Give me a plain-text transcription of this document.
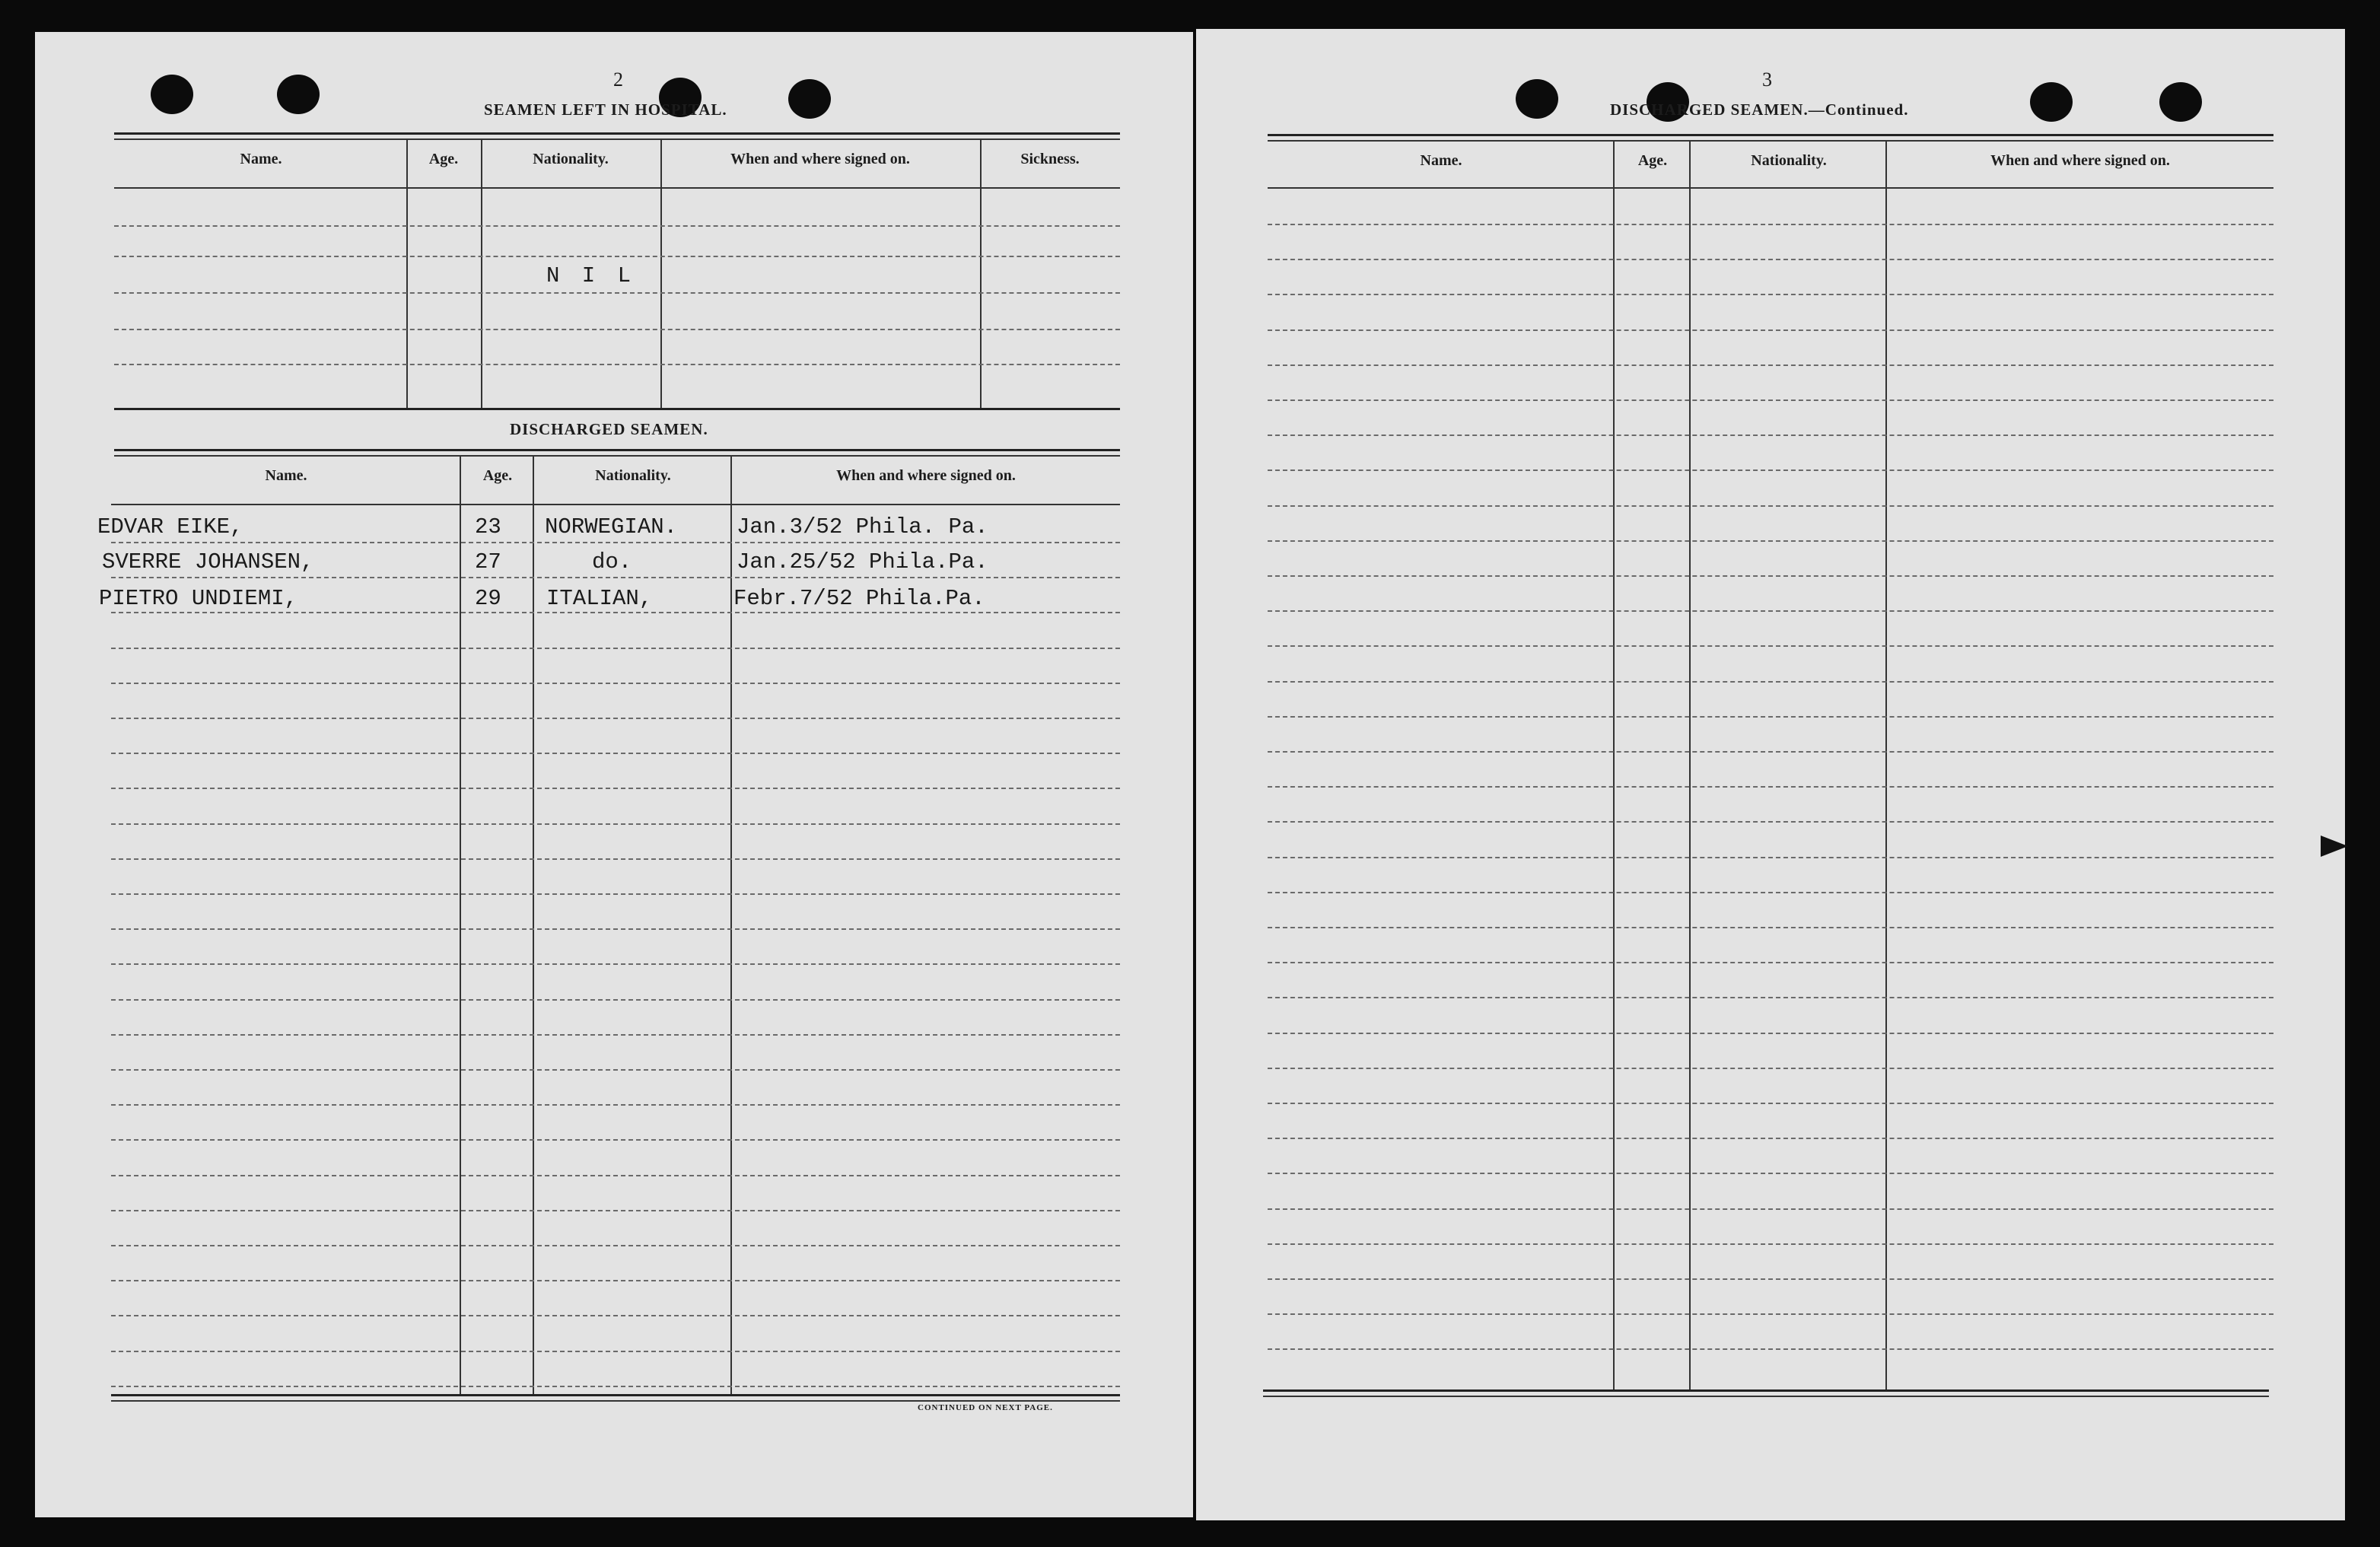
2
SEAMEN LEFT IN HOSPITAL.
Name.	Age.	Nationality.	When and where signed on.	Sickness.
N I L
DISCHARGED SEAMEN.
Name.	Age.	Nationality.	When and where signed on.
EDVAR EIKE,	23 NORWEGIAN.	Jan.3/52 Phila. Pa.
SVERRE JOHANSEN,	27	do.	Jan.25/52 Phila.Pa.
PIETRO UNDIEMI,	29 ITALIAN,	Febr.7/52 Phila.Pa.
CONTINUED ON NEXT PAGE.
3
DISCHARGED SEAMEN.—Continued.
Name.	Age.	Nationality.	When and where signed on.
